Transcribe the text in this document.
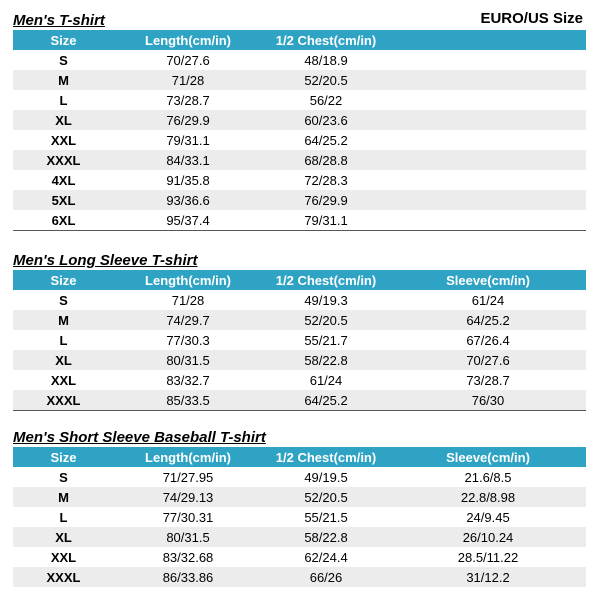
EURO/US Size
Men's T-shirt
Size	Length(cm/in)	1/2 Chest(cm/in)	
S	70/27.6	48/18.9	
M	71/28	52/20.5	
L	73/28.7	56/22	
XL	76/29.9	60/23.6	
XXL	79/31.1	64/25.2	
XXXL	84/33.1	68/28.8	
4XL	91/35.8	72/28.3	
5XL	93/36.6	76/29.9	
6XL	95/37.4	79/31.1	
Men's Long Sleeve T-shirt
Size	Length(cm/in)	1/2 Chest(cm/in)	Sleeve(cm/in)
S	71/28	49/19.3	61/24
M	74/29.7	52/20.5	64/25.2
L	77/30.3	55/21.7	67/26.4
XL	80/31.5	58/22.8	70/27.6
XXL	83/32.7	61/24	73/28.7
XXXL	85/33.5	64/25.2	76/30
Men's Short Sleeve Baseball T-shirt
Size	Length(cm/in)	1/2 Chest(cm/in)	Sleeve(cm/in)
S	71/27.95	49/19.5	21.6/8.5
M	74/29.13	52/20.5	22.8/8.98
L	77/30.31	55/21.5	24/9.45
XL	80/31.5	58/22.8	26/10.24
XXL	83/32.68	62/24.4	28.5/11.22
XXXL	86/33.86	66/26	31/12.2
